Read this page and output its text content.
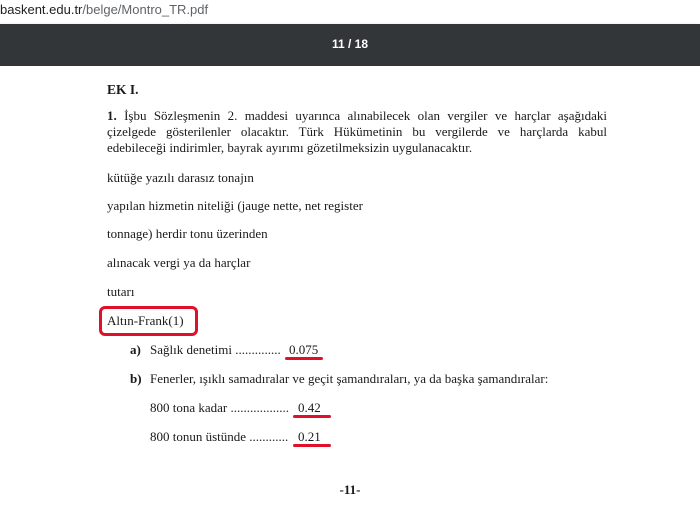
baskent.edu.tr/belge/Montro_TR.pdf
11 / 18
EK I.
1. İşbu Sözleşmenin 2. maddesi uyarınca alınabilecek olan vergiler ve harçlar aşağıdaki çizelgede gösterilenler olacaktır. Türk Hükümetinin bu vergilerde ve harçlarda kabul edebileceği indirimler, bayrak ayırımı gözetilmeksizin uygulanacaktır.
kütüğe yazılı darasız tonajın
yapılan hizmetin niteliği (jauge nette, net register
tonnage) herdir tonu üzerinden
alınacak vergi ya da harçlar
tutarı
Altın-Frank(1)
a) Sağlık denetimi .............. 0.075
b) Fenerler, ışıklı samadıralar ve geçit şamandıraları, ya da başka şamandıralar:
800 tona kadar .................. 0.42
800 tonun üstünde ............ 0.21
-11-
